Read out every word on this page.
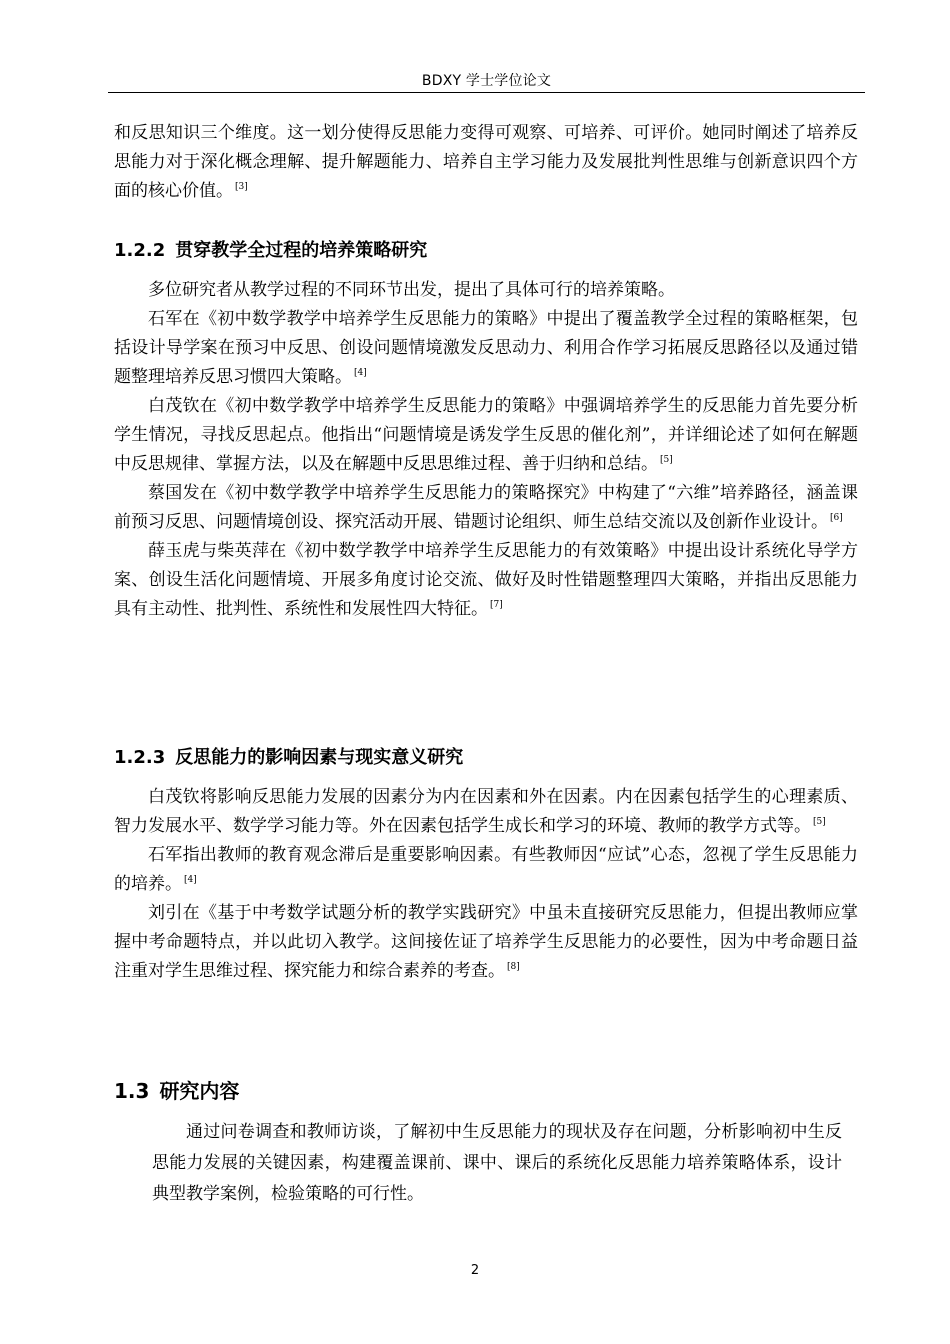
BDXY 学士学位论文

和反思知识三个维度。这一划分使得反思能力变得可观察、可培养、可评价。她同时阐述了培养反思能力对于深化概念理解、提升解题能力、培养自主学习能力及发展批判性思维与创新意识四个方面的核心价值。 [3]

1.2.2 贯穿教学全过程的培养策略研究

多位研究者从教学过程的不同环节出发，提出了具体可行的培养策略。

石军在《初中数学教学中培养学生反思能力的策略》中提出了覆盖教学全过程的策略框架，包括设计导学案在预习中反思、创设问题情境激发反思动力、利用合作学习拓展反思路径以及通过错题整理培养反思习惯四大策略。 [4]

白茂钦在《初中数学教学中培养学生反思能力的策略》中强调培养学生的反思能力首先要分析学生情况，寻找反思起点。他指出“问题情境是诱发学生反思的催化剂”，并详细论述了如何在解题中反思规律、掌握方法，以及在解题中反思思维过程、善于归纳和总结。 [5]

蔡国发在《初中数学教学中培养学生反思能力的策略探究》中构建了“六维”培养路径，涵盖课前预习反思、问题情境创设、探究活动开展、错题讨论组织、师生总结交流以及创新作业设计。 [6]

薛玉虎与柴英萍在《初中数学教学中培养学生反思能力的有效策略》中提出设计系统化导学方案、创设生活化问题情境、开展多角度讨论交流、做好及时性错题整理四大策略，并指出反思能力具有主动性、批判性、系统性和发展性四大特征。 [7]

1.2.3 反思能力的影响因素与现实意义研究

白茂钦将影响反思能力发展的因素分为内在因素和外在因素。内在因素包括学生的心理素质、智力发展水平、数学学习能力等。外在因素包括学生成长和学习的环境、教师的教学方式等。 [5]

石军指出教师的教育观念滞后是重要影响因素。有些教师因“应试”心态，忽视了学生反思能力的培养。 [4]

刘引在《基于中考数学试题分析的教学实践研究》中虽未直接研究反思能力，但提出教师应掌握中考命题特点，并以此切入教学。这间接佐证了培养学生反思能力的必要性，因为中考命题日益注重对学生思维过程、探究能力和综合素养的考查。 [8]

1.3 研究内容

通过问卷调查和教师访谈，了解初中生反思能力的现状及存在问题，分析影响初中生反思能力发展的关键因素，构建覆盖课前、课中、课后的系统化反思能力培养策略体系，设计典型教学案例，检验策略的可行性。

2
